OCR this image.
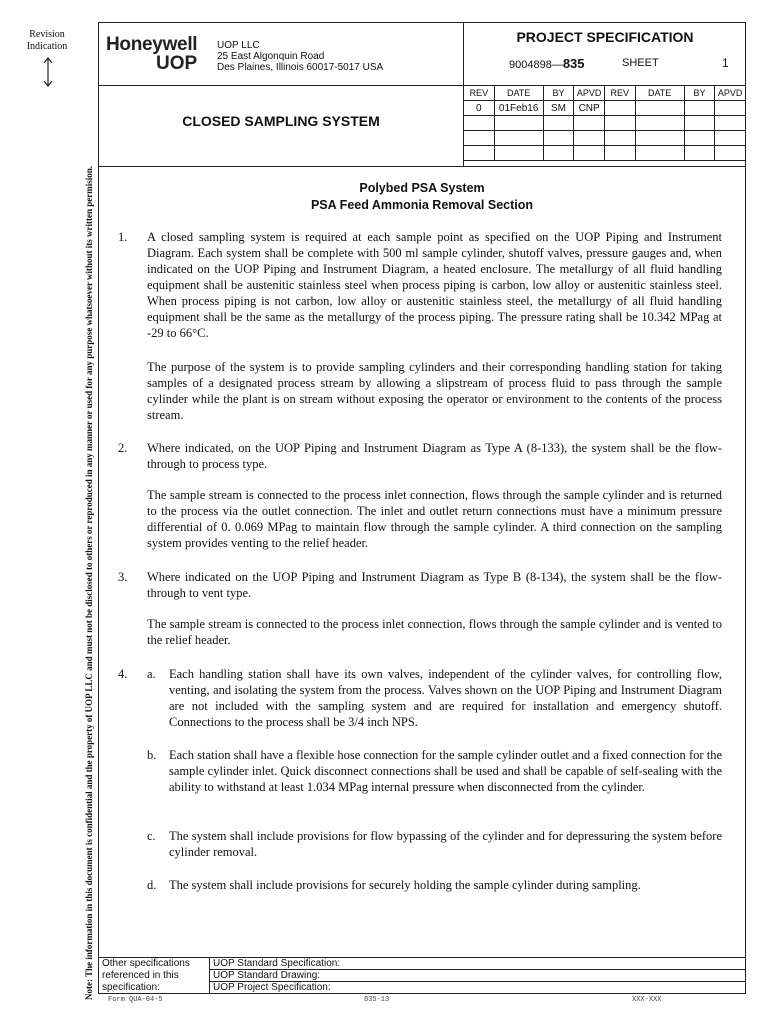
Revision Indication
Note: The information in this document is confidential and the property of UOP LLC and must not be disclosed to others or reproduced in any manner or used for any purpose whatsoever without its written permision.
Honeywell
UOP
UOP LLC
25 East Algonquin Road
Des Plaines, Illinois 60017-5017 USA
CLOSED SAMPLING SYSTEM
PROJECT SPECIFICATION
9004898—835	SHEET	1
REV	DATE	BY	APVD	REV	DATE	BY	APVD
0	01Feb16	SM	CNP				

Polybed PSA System
PSA Feed Ammonia Removal Section
1. A closed sampling system is required at each sample point as specified on the UOP Piping and Instrument Diagram. Each system shall be complete with 500 ml sample cylinder, shutoff valves, pressure gauges and, when indicated on the UOP Piping and Instrument Diagram, a heated enclosure. The metallurgy of all fluid handling equipment shall be austenitic stainless steel when process piping is carbon, low alloy or austenitic stainless steel. When process piping is not carbon, low alloy or austenitic stainless steel, the metallurgy of all fluid handling equipment shall be the same as the metallurgy of the process piping. The pressure rating shall be 10.342 MPag at -29 to 66°C.
The purpose of the system is to provide sampling cylinders and their corresponding handling station for taking samples of a designated process stream by allowing a slipstream of process fluid to pass through the sample cylinder while the plant is on stream without exposing the operator or environment to the contents of the process stream.
2. Where indicated, on the UOP Piping and Instrument Diagram as Type A (8-133), the system shall be the flow-through to process type.
The sample stream is connected to the process inlet connection, flows through the sample cylinder and is returned to the process via the outlet connection. The inlet and outlet return connections must have a minimum pressure differential of 0. 0.069 MPag to maintain flow through the sample cylinder. A third connection on the sampling system provides venting to the relief header.
3. Where indicated on the UOP Piping and Instrument Diagram as Type B (8-134), the system shall be the flow-through to vent type.
The sample stream is connected to the process inlet connection, flows through the sample cylinder and is vented to the relief header.
4. a. Each handling station shall have its own valves, independent of the cylinder valves, for controlling flow, venting, and isolating the system from the process. Valves shown on the UOP Piping and Instrument Diagram are not included with the sampling system and are required for installation and emergency shutoff. Connections to the process shall be 3/4 inch NPS.
b. Each station shall have a flexible hose connection for the sample cylinder outlet and a fixed connection for the sample cylinder inlet. Quick disconnect connections shall be used and shall be capable of self-sealing with the ability to withstand at least 1.034 MPag internal pressure when disconnected from the cylinder.
c. The system shall include provisions for flow bypassing of the cylinder and for depressuring the system before cylinder removal.
d. The system shall include provisions for securely holding the sample cylinder during sampling.
Other specifications	UOP Standard Specification:
referenced in this	UOP Standard Drawing:
specification:	UOP Project Specification:
Form QUA-04-5	835-13	XXX-XXX
